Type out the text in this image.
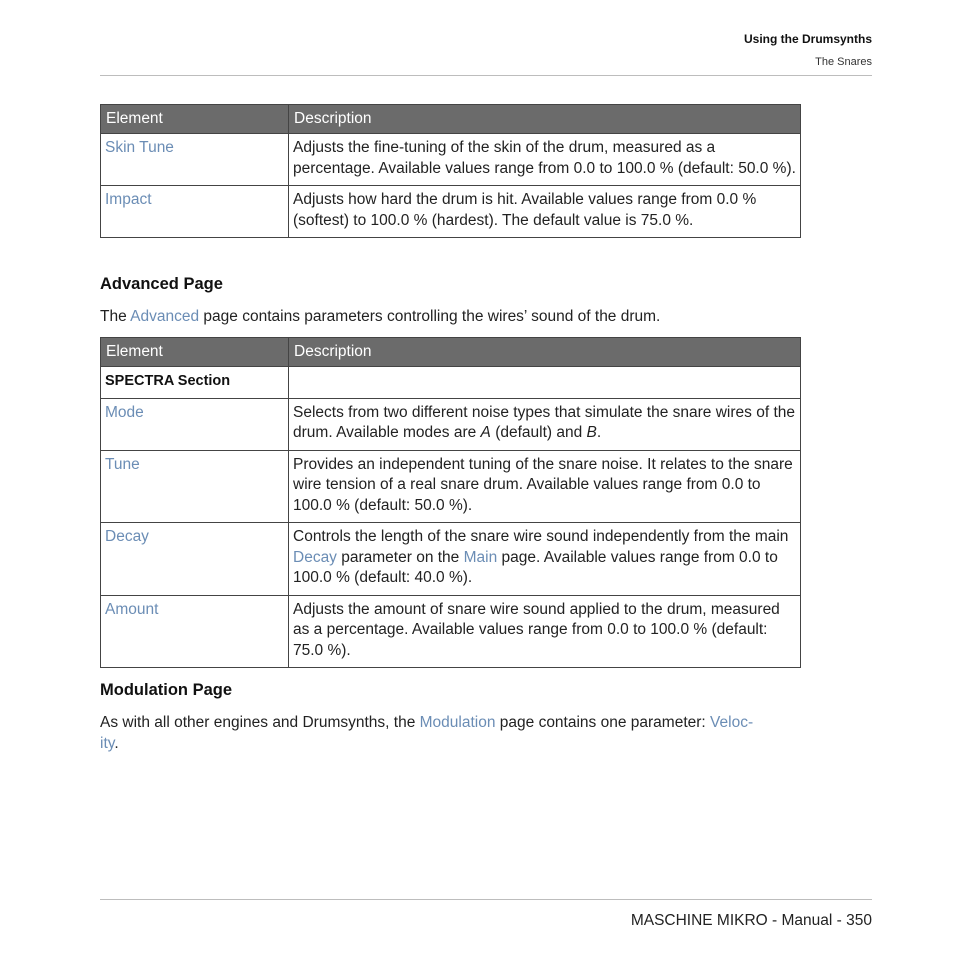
Using the Drumsynths
The Snares
Element	Description
Skin Tune	Adjusts the fine-tuning of the skin of the drum, measured as a percentage. Available values range from 0.0 to 100.0 % (default: 50.0 %).
Impact	Adjusts how hard the drum is hit. Available values range from 0.0 % (softest) to 100.0 % (hardest). The default value is 75.0 %.
Advanced Page

The Advanced page contains parameters controlling the wires’ sound of the drum.

Element	Description
SPECTRA Section	
Mode	Selects from two different noise types that simulate the snare wires of the drum. Available modes are A (default) and B.
Tune	Provides an independent tuning of the snare noise. It relates to the snare wire tension of a real snare drum. Available values range from 0.0 to 100.0 % (default: 50.0 %).
Decay	Controls the length of the snare wire sound independently from the main Decay parameter on the Main page. Available values range from 0.0 to 100.0 % (default: 40.0 %).
Amount	Adjusts the amount of snare wire sound applied to the drum, measured as a percentage. Available values range from 0.0 to 100.0 % (default: 75.0 %).
Modulation Page

As with all other engines and Drumsynths, the Modulation page contains one parameter: Veloc-
ity.

MASCHINE MIKRO - Manual - 350
